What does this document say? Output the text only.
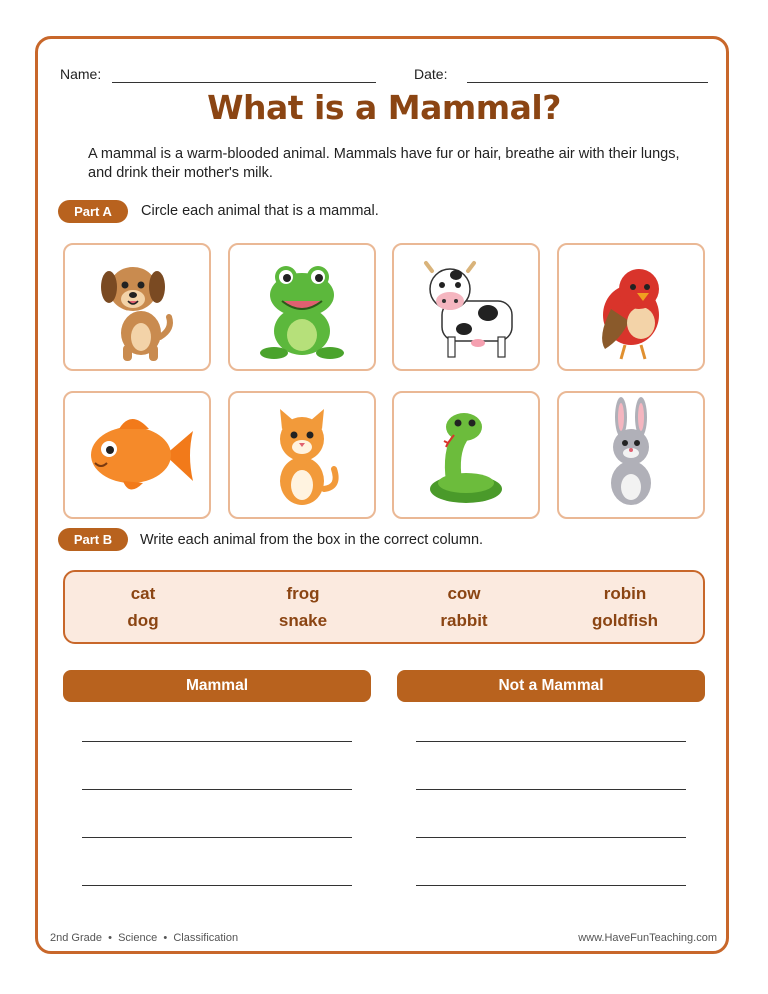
Name:	Date:
What is a Mammal?
A mammal is a warm-blooded animal. Mammals have fur or hair, breathe air with their lungs, and drink their mother's milk.
Part A	Circle each animal that is a mammal.
Part B	Write each animal from the box in the correct column.
cat	frog	cow	robin
dog	snake	rabbit	goldfish
Mammal	Not a Mammal
2nd Grade  •  Science  •  Classification	www.HaveFunTeaching.com
